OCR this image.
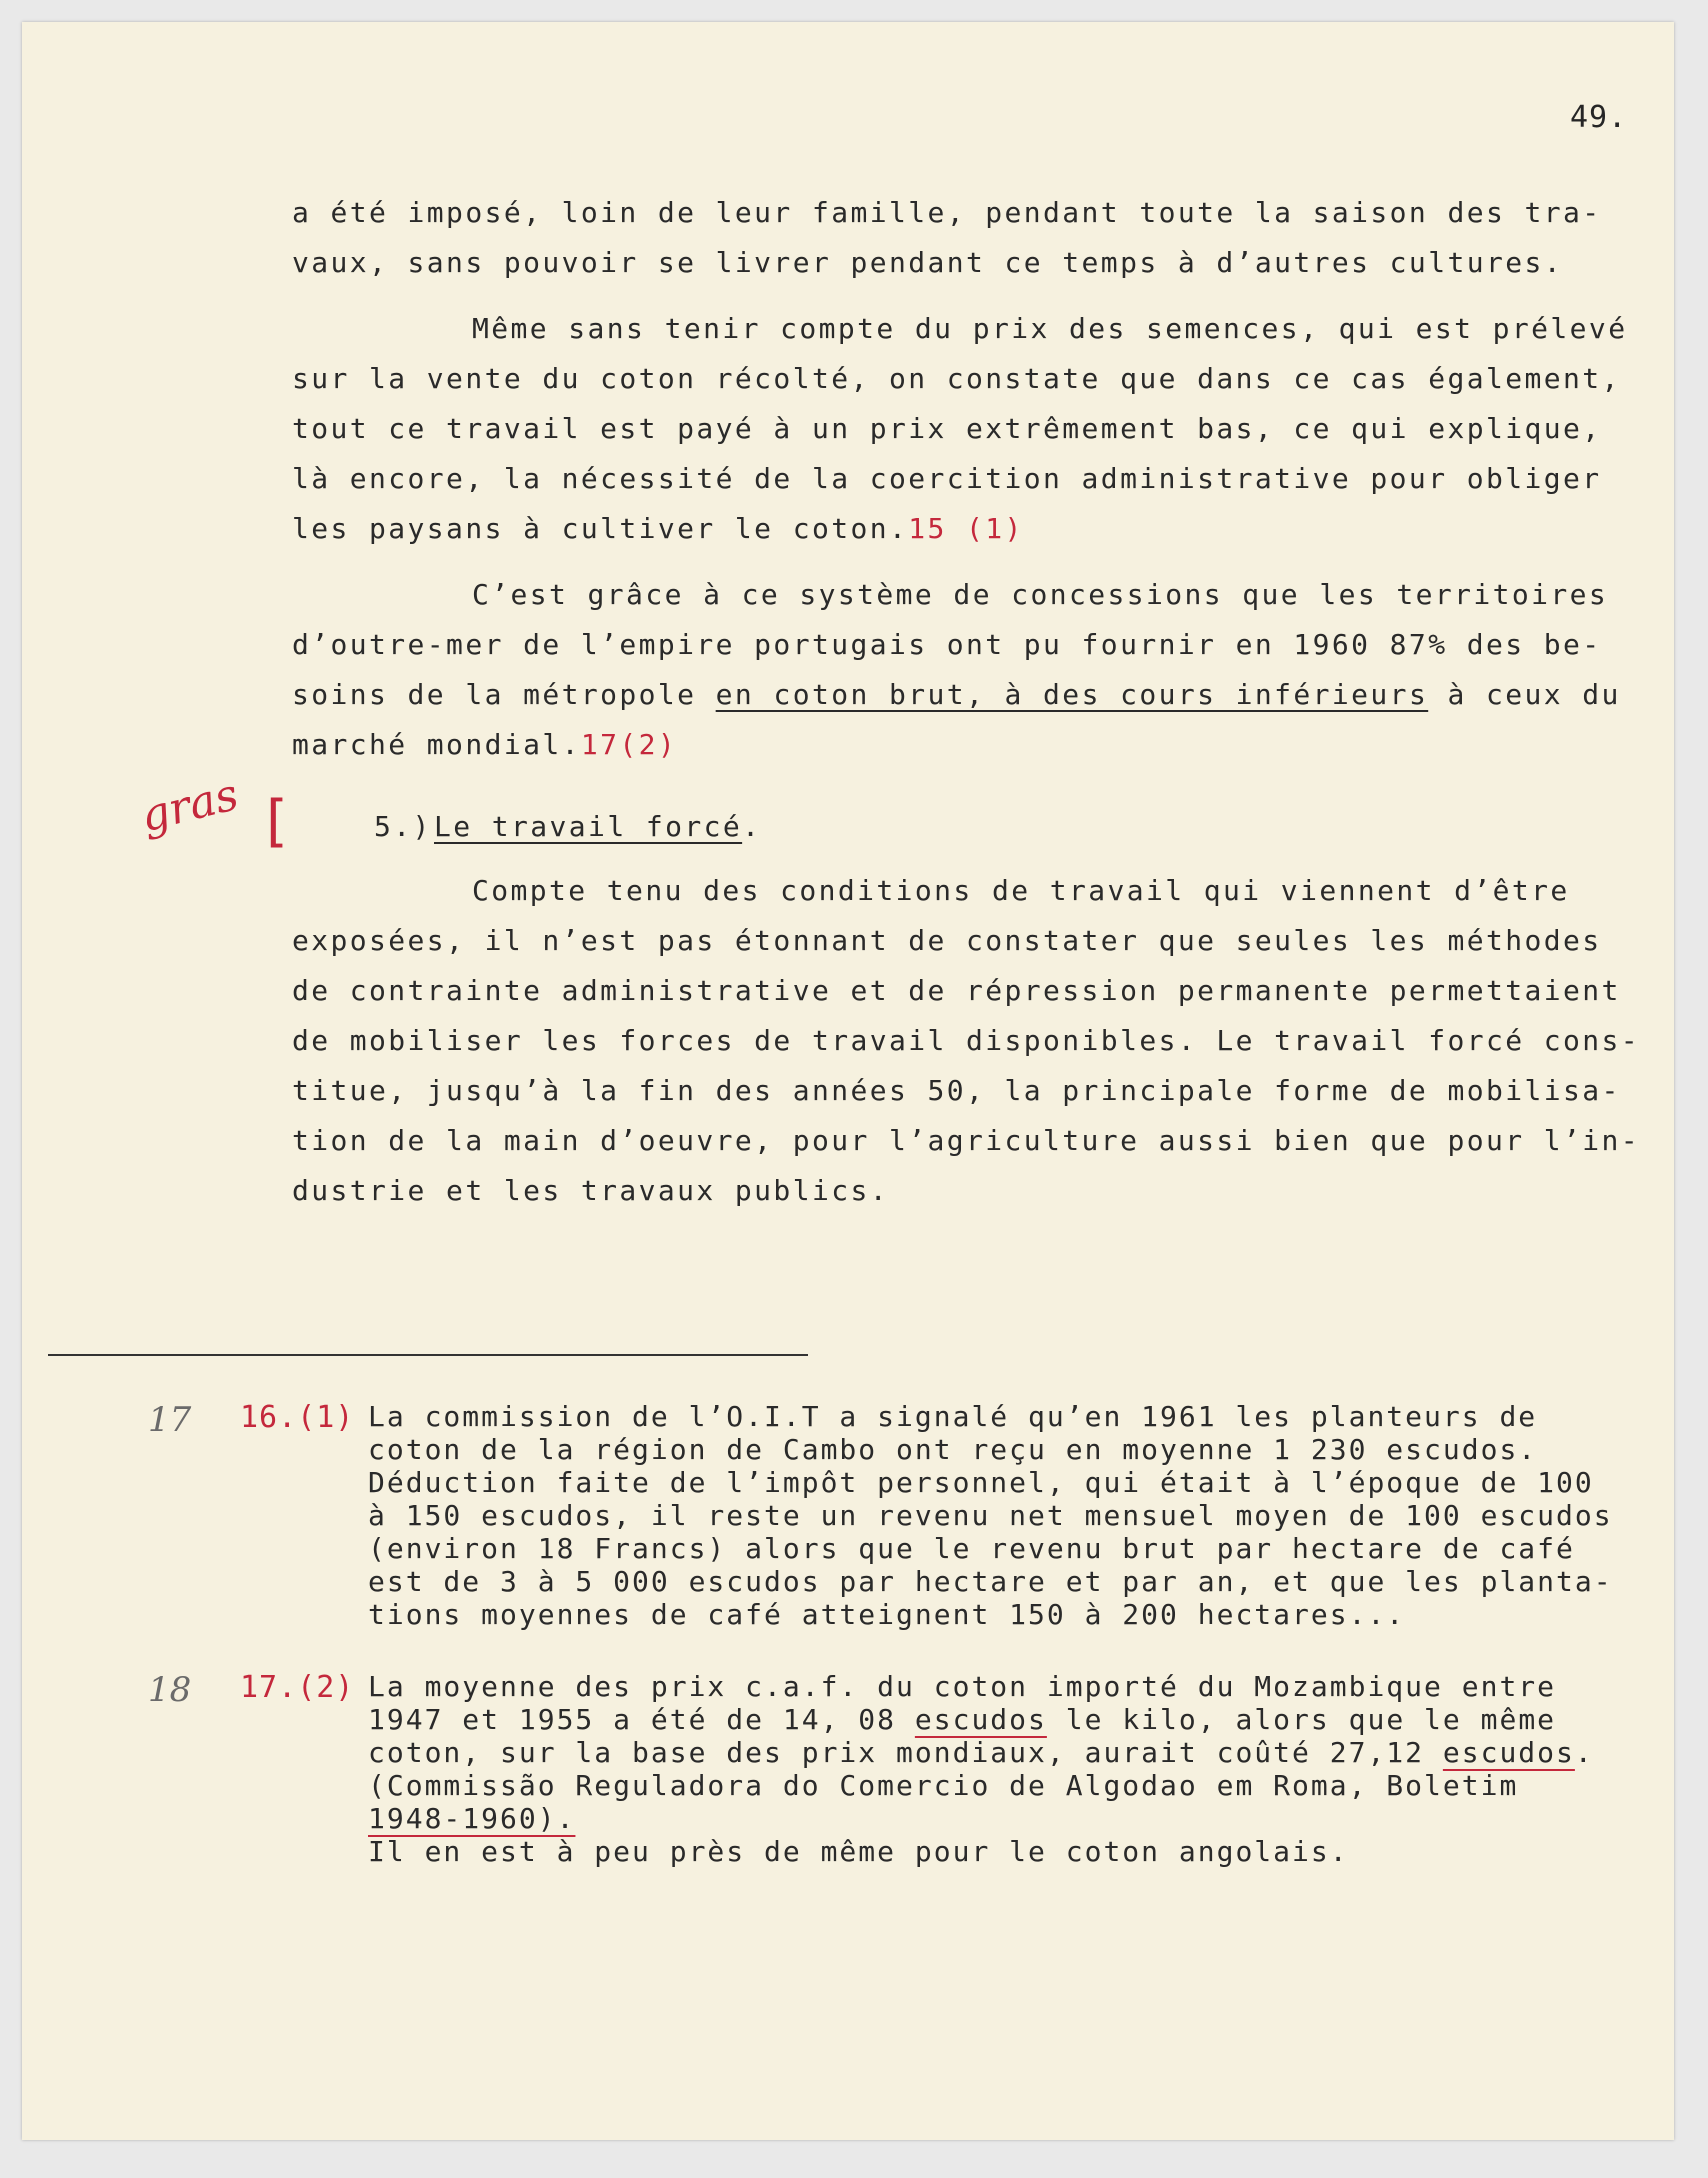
49.
a été imposé, loin de leur famille, pendant toute la saison des tra-
vaux, sans pouvoir se livrer pendant ce temps à d’autres cultures.
Même sans tenir compte du prix des semences, qui est prélevé
sur la vente du coton récolté, on constate que dans ce cas également,
tout ce travail est payé à un prix extrêmement bas, ce qui explique,
là encore, la nécessité de la coercition administrative pour obliger
les paysans à cultiver le coton.15 (1)
C’est grâce à ce système de concessions que les territoires
d’outre-mer de l’empire portugais ont pu fournir en 1960 87% des be-
soins de la métropole en coton brut, à des cours inférieurs à ceux du
marché mondial.17(2)
gras [	5.)Le travail forcé.
Compte tenu des conditions de travail qui viennent d’être
exposées, il n’est pas étonnant de constater que seules les méthodes
de contrainte administrative et de répression permanente permettaient
de mobiliser les forces de travail disponibles. Le travail forcé cons-
titue, jusqu’à la fin des années 50, la principale forme de mobilisa-
tion de la main d’oeuvre, pour l’agriculture aussi bien que pour l’in-
dustrie et les travaux publics.
17 16.(1) La commission de l’O.I.T a signalé qu’en 1961 les planteurs de
coton de la région de Cambo ont reçu en moyenne 1 230 escudos.
Déduction faite de l’impôt personnel, qui était à l’époque de 100
à 150 escudos, il reste un revenu net mensuel moyen de 100 escudos
(environ 18 Francs) alors que le revenu brut par hectare de café
est de 3 à 5 000 escudos par hectare et par an, et que les planta-
tions moyennes de café atteignent 150 à 200 hectares...
18 17.(2) La moyenne des prix c.a.f. du coton importé du Mozambique entre
1947 et 1955 a été de 14, 08 escudos le kilo, alors que le même
coton, sur la base des prix mondiaux, aurait coûté 27,12 escudos.
(Commissão Reguladora do Comercio de Algodao em Roma, Boletim
1948-1960).
Il en est à peu près de même pour le coton angolais.
